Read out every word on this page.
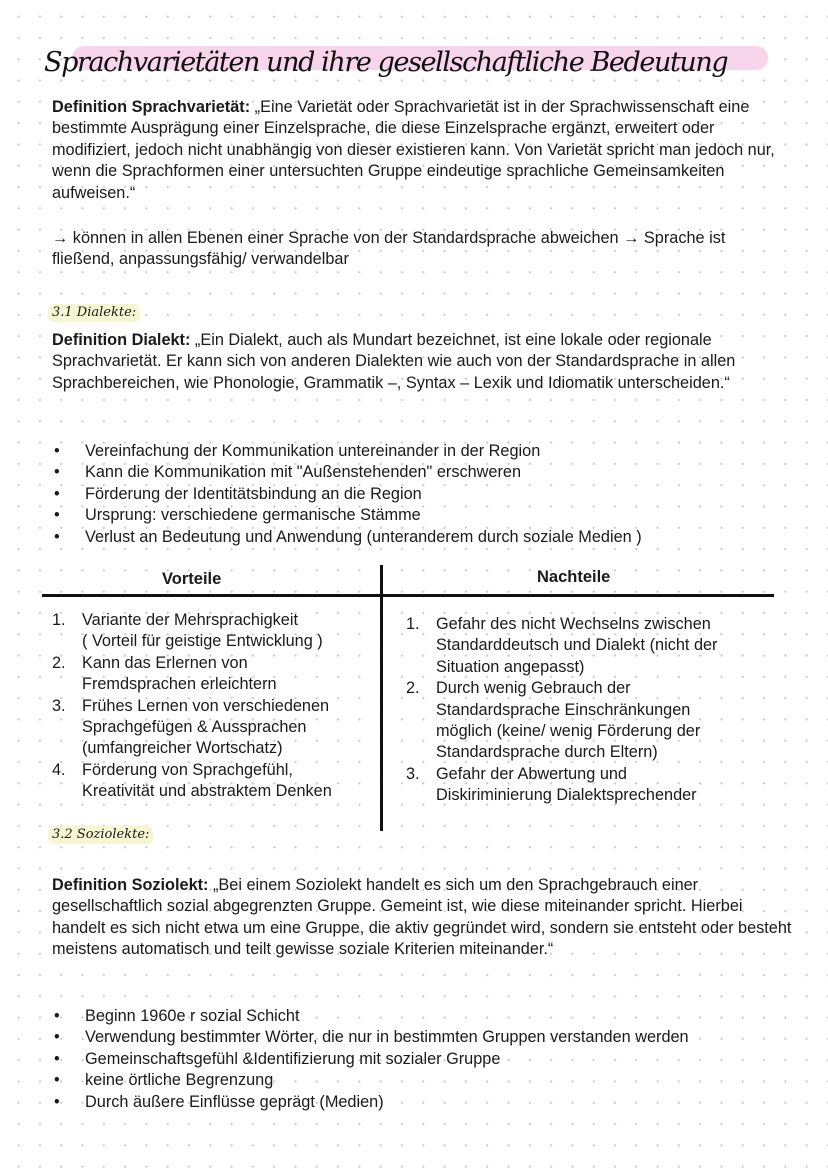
Sprachvarietäten und ihre gesellschaftliche Bedeutung
Definition Sprachvarietät: „Eine Varietät oder Sprachvarietät ist in der Sprachwissenschaft eine bestimmte Ausprägung einer Einzelsprache, die diese Einzelsprache ergänzt, erweitert oder modifiziert, jedoch nicht unabhängig von dieser existieren kann. Von Varietät spricht man jedoch nur, wenn die Sprachformen einer untersuchten Gruppe eindeutige sprachliche Gemeinsamkeiten aufweisen.“
→ können in allen Ebenen einer Sprache von der Standardsprache abweichen → Sprache ist fließend, anpassungsfähig/ verwandelbar
3.1 Dialekte:
Definition Dialekt: „Ein Dialekt, auch als Mundart bezeichnet, ist eine lokale oder regionale Sprachvarietät. Er kann sich von anderen Dialekten wie auch von der Standardsprache in allen Sprachbereichen, wie Phonologie, Grammatik –, Syntax – Lexik und Idiomatik unterscheiden.“
• Vereinfachung der Kommunikation untereinander in der Region
• Kann die Kommunikation mit "Außenstehenden" erschweren
• Förderung der Identitätsbindung an die Region
• Ursprung: verschiedene germanische Stämme
• Verlust an Bedeutung und Anwendung (unteranderem durch soziale Medien )
Vorteile	Nachteile
1. Variante der Mehrsprachigkeit
( Vorteil für geistige Entwicklung )
2. Kann das Erlernen von
Fremdsprachen erleichtern
3. Frühes Lernen von verschiedenen
Sprachgefügen & Aussprachen
(umfangreicher Wortschatz)
4. Förderung von Sprachgefühl,
Kreativität und abstraktem Denken
1. Gefahr des nicht Wechselns zwischen
Standarddeutsch und Dialekt (nicht der
Situation angepasst)
2. Durch wenig Gebrauch der
Standardsprache Einschränkungen
möglich (keine/ wenig Förderung der
Standardsprache durch Eltern)
3. Gefahr der Abwertung und
Diskiriminierung Dialektsprechender
3.2 Soziolekte:
Definition Soziolekt: „Bei einem Soziolekt handelt es sich um den Sprachgebrauch einer gesellschaftlich sozial abgegrenzten Gruppe. Gemeint ist, wie diese miteinander spricht. Hierbei handelt es sich nicht etwa um eine Gruppe, die aktiv gegründet wird, sondern sie entsteht oder besteht meistens automatisch und teilt gewisse soziale Kriterien miteinander.“
• Beginn 1960e r sozial Schicht
• Verwendung bestimmter Wörter, die nur in bestimmten Gruppen verstanden werden
• Gemeinschaftsgefühl &Identifizierung mit sozialer Gruppe
• keine örtliche Begrenzung
• Durch äußere Einflüsse geprägt (Medien)
